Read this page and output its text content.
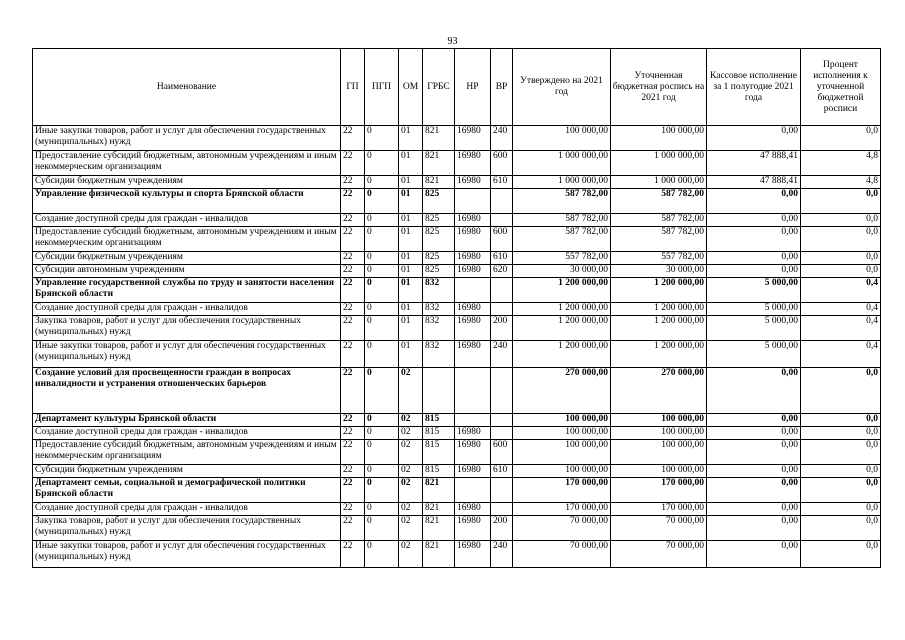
93
Наименование	ГП	ПГП	ОМ	ГРБС	НР	ВР	Утверждено на 2021 год	Уточненная бюджетная роспись на 2021 год	Кассовое исполнение за 1 полугодие 2021 года	Процент исполнения к уточненной бюджетной росписи
Иные закупки товаров, работ и услуг для обеспечения государственных (муниципальных) нужд	22	0	01	821	16980	240	100 000,00	100 000,00	0,00	0,0
Предоставление субсидий бюджетным, автономным учреждениям и иным некоммерческим организациям	22	0	01	821	16980	600	1 000 000,00	1 000 000,00	47 888,41	4,8
Субсидии бюджетным учреждениям	22	0	01	821	16980	610	1 000 000,00	1 000 000,00	47 888,41	4,8
Управление физической культуры и спорта Брянской области	22	0	01	825			587 782,00	587 782,00	0,00	0,0
Создание доступной среды для граждан - инвалидов	22	0	01	825	16980		587 782,00	587 782,00	0,00	0,0
Предоставление субсидий бюджетным, автономным учреждениям и иным некоммерческим организациям	22	0	01	825	16980	600	587 782,00	587 782,00	0,00	0,0
Субсидии бюджетным учреждениям	22	0	01	825	16980	610	557 782,00	557 782,00	0,00	0,0
Субсидии автономным учреждениям	22	0	01	825	16980	620	30 000,00	30 000,00	0,00	0,0
Управление государственной службы по труду и занятости населения Брянской области	22	0	01	832			1 200 000,00	1 200 000,00	5 000,00	0,4
Создание доступной среды для граждан - инвалидов	22	0	01	832	16980		1 200 000,00	1 200 000,00	5 000,00	0,4
Закупка товаров, работ и услуг для обеспечения государственных (муниципальных) нужд	22	0	01	832	16980	200	1 200 000,00	1 200 000,00	5 000,00	0,4
Иные закупки товаров, работ и услуг для обеспечения государственных (муниципальных) нужд	22	0	01	832	16980	240	1 200 000,00	1 200 000,00	5 000,00	0,4
Создание условий для просвещенности граждан в вопросах инвалидности и устранения отношенческих барьеров	22	0	02				270 000,00	270 000,00	0,00	0,0
Департамент культуры Брянской области	22	0	02	815			100 000,00	100 000,00	0,00	0,0
Создание доступной среды для граждан - инвалидов	22	0	02	815	16980		100 000,00	100 000,00	0,00	0,0
Предоставление субсидий бюджетным, автономным учреждениям и иным некоммерческим организациям	22	0	02	815	16980	600	100 000,00	100 000,00	0,00	0,0
Субсидии бюджетным учреждениям	22	0	02	815	16980	610	100 000,00	100 000,00	0,00	0,0
Департамент семьи, социальной и демографической политики Брянской области	22	0	02	821			170 000,00	170 000,00	0,00	0,0
Создание доступной среды для граждан - инвалидов	22	0	02	821	16980		170 000,00	170 000,00	0,00	0,0
Закупка товаров, работ и услуг для обеспечения государственных (муниципальных) нужд	22	0	02	821	16980	200	70 000,00	70 000,00	0,00	0,0
Иные закупки товаров, работ и услуг для обеспечения государственных (муниципальных) нужд	22	0	02	821	16980	240	70 000,00	70 000,00	0,00	0,0
